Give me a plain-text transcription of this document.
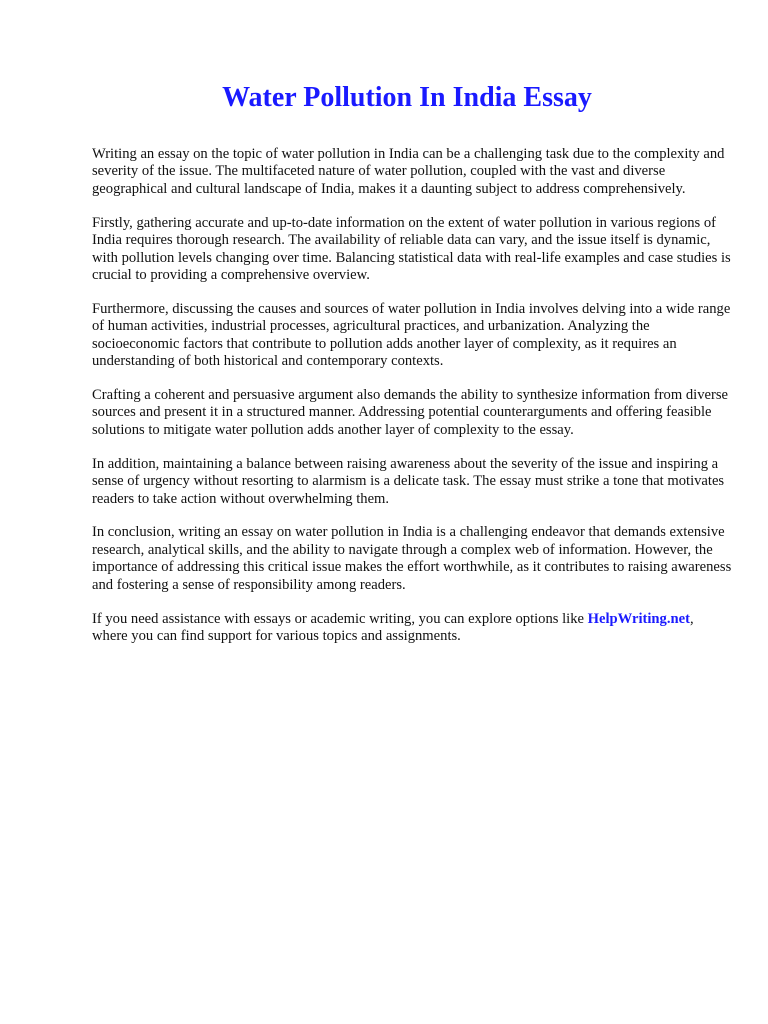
Water Pollution In India Essay

Writing an essay on the topic of water pollution in India can be a challenging task due to the complexity and severity of the issue. The multifaceted nature of water pollution, coupled with the vast and diverse geographical and cultural landscape of India, makes it a daunting subject to address comprehensively.

Firstly, gathering accurate and up-to-date information on the extent of water pollution in various regions of India requires thorough research. The availability of reliable data can vary, and the issue itself is dynamic, with pollution levels changing over time. Balancing statistical data with real-life examples and case studies is crucial to providing a comprehensive overview.

Furthermore, discussing the causes and sources of water pollution in India involves delving into a wide range of human activities, industrial processes, agricultural practices, and urbanization. Analyzing the socioeconomic factors that contribute to pollution adds another layer of complexity, as it requires an understanding of both historical and contemporary contexts.

Crafting a coherent and persuasive argument also demands the ability to synthesize information from diverse sources and present it in a structured manner. Addressing potential counterarguments and offering feasible solutions to mitigate water pollution adds another layer of complexity to the essay.

In addition, maintaining a balance between raising awareness about the severity of the issue and inspiring a sense of urgency without resorting to alarmism is a delicate task. The essay must strike a tone that motivates readers to take action without overwhelming them.

In conclusion, writing an essay on water pollution in India is a challenging endeavor that demands extensive research, analytical skills, and the ability to navigate through a complex web of information. However, the importance of addressing this critical issue makes the effort worthwhile, as it contributes to raising awareness and fostering a sense of responsibility among readers.

If you need assistance with essays or academic writing, you can explore options like HelpWriting.net, where you can find support for various topics and assignments.
